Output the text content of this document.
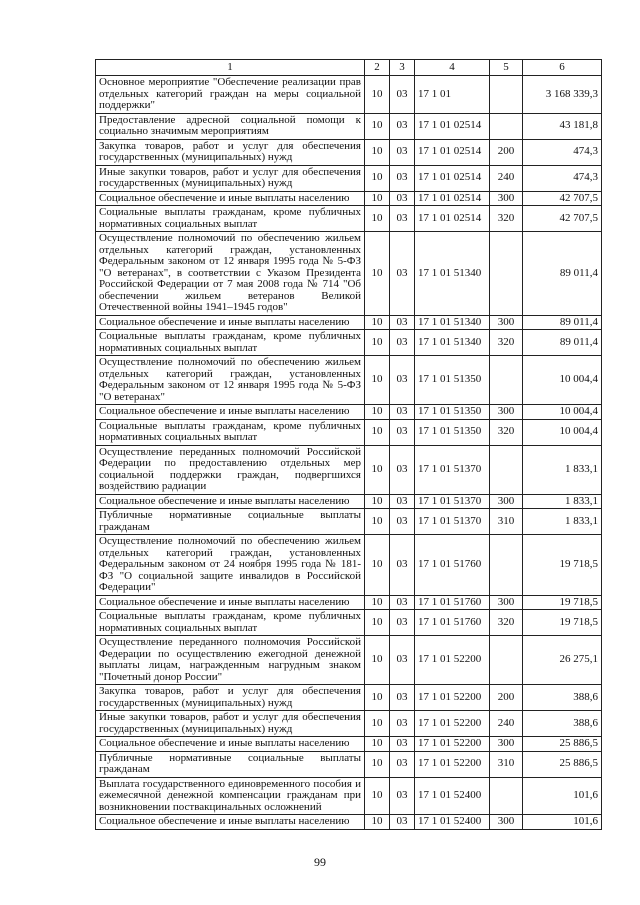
1	2	3	4	5	6
Основное мероприятие "Обеспечение реализации прав отдельных категорий граждан на меры социальной поддержки"	10	03	17 1 01		3 168 339,3
Предоставление адресной социальной помощи к социально значимым мероприятиям	10	03	17 1 01 02514		43 181,8
Закупка товаров, работ и услуг для обеспечения государственных (муниципальных) нужд	10	03	17 1 01 02514	200	474,3
Иные закупки товаров, работ и услуг для обеспечения государственных (муниципальных) нужд	10	03	17 1 01 02514	240	474,3
Социальное обеспечение и иные выплаты населению	10	03	17 1 01 02514	300	42 707,5
Социальные выплаты гражданам, кроме публичных нормативных социальных выплат	10	03	17 1 01 02514	320	42 707,5
Осуществление полномочий по обеспечению жильем отдельных категорий граждан, установленных Федеральным законом от 12 января 1995 года № 5-ФЗ "О ветеранах", в соответствии с Указом Президента Российской Федерации от 7 мая 2008 года № 714 "Об обеспечении жильем ветеранов Великой Отечественной войны 1941–1945 годов"	10	03	17 1 01 51340		89 011,4
Социальное обеспечение и иные выплаты населению	10	03	17 1 01 51340	300	89 011,4
Социальные выплаты гражданам, кроме публичных нормативных социальных выплат	10	03	17 1 01 51340	320	89 011,4
Осуществление полномочий по обеспечению жильем отдельных категорий граждан, установленных Федеральным законом от 12 января 1995 года № 5-ФЗ "О ветеранах"	10	03	17 1 01 51350		10 004,4
Социальное обеспечение и иные выплаты населению	10	03	17 1 01 51350	300	10 004,4
Социальные выплаты гражданам, кроме публичных нормативных социальных выплат	10	03	17 1 01 51350	320	10 004,4
Осуществление переданных полномочий Российской Федерации по предоставлению отдельных мер социальной поддержки граждан, подвергшихся воздействию радиации	10	03	17 1 01 51370		1 833,1
Социальное обеспечение и иные выплаты населению	10	03	17 1 01 51370	300	1 833,1
Публичные нормативные социальные выплаты гражданам	10	03	17 1 01 51370	310	1 833,1
Осуществление полномочий по обеспечению жильем отдельных категорий граждан, установленных Федеральным законом от 24 ноября 1995 года № 181-ФЗ "О социальной защите инвалидов в Российской Федерации"	10	03	17 1 01 51760		19 718,5
Социальное обеспечение и иные выплаты населению	10	03	17 1 01 51760	300	19 718,5
Социальные выплаты гражданам, кроме публичных нормативных социальных выплат	10	03	17 1 01 51760	320	19 718,5
Осуществление переданного полномочия Российской Федерации по осуществлению ежегодной денежной выплаты лицам, награжденным нагрудным знаком "Почетный донор России"	10	03	17 1 01 52200		26 275,1
Закупка товаров, работ и услуг для обеспечения государственных (муниципальных) нужд	10	03	17 1 01 52200	200	388,6
Иные закупки товаров, работ и услуг для обеспечения государственных (муниципальных) нужд	10	03	17 1 01 52200	240	388,6
Социальное обеспечение и иные выплаты населению	10	03	17 1 01 52200	300	25 886,5
Публичные нормативные социальные выплаты гражданам	10	03	17 1 01 52200	310	25 886,5
Выплата государственного единовременного пособия и ежемесячной денежной компенсации гражданам при возникновении поствакцинальных осложнений	10	03	17 1 01 52400		101,6
Социальное обеспечение и иные выплаты населению	10	03	17 1 01 52400	300	101,6
99
